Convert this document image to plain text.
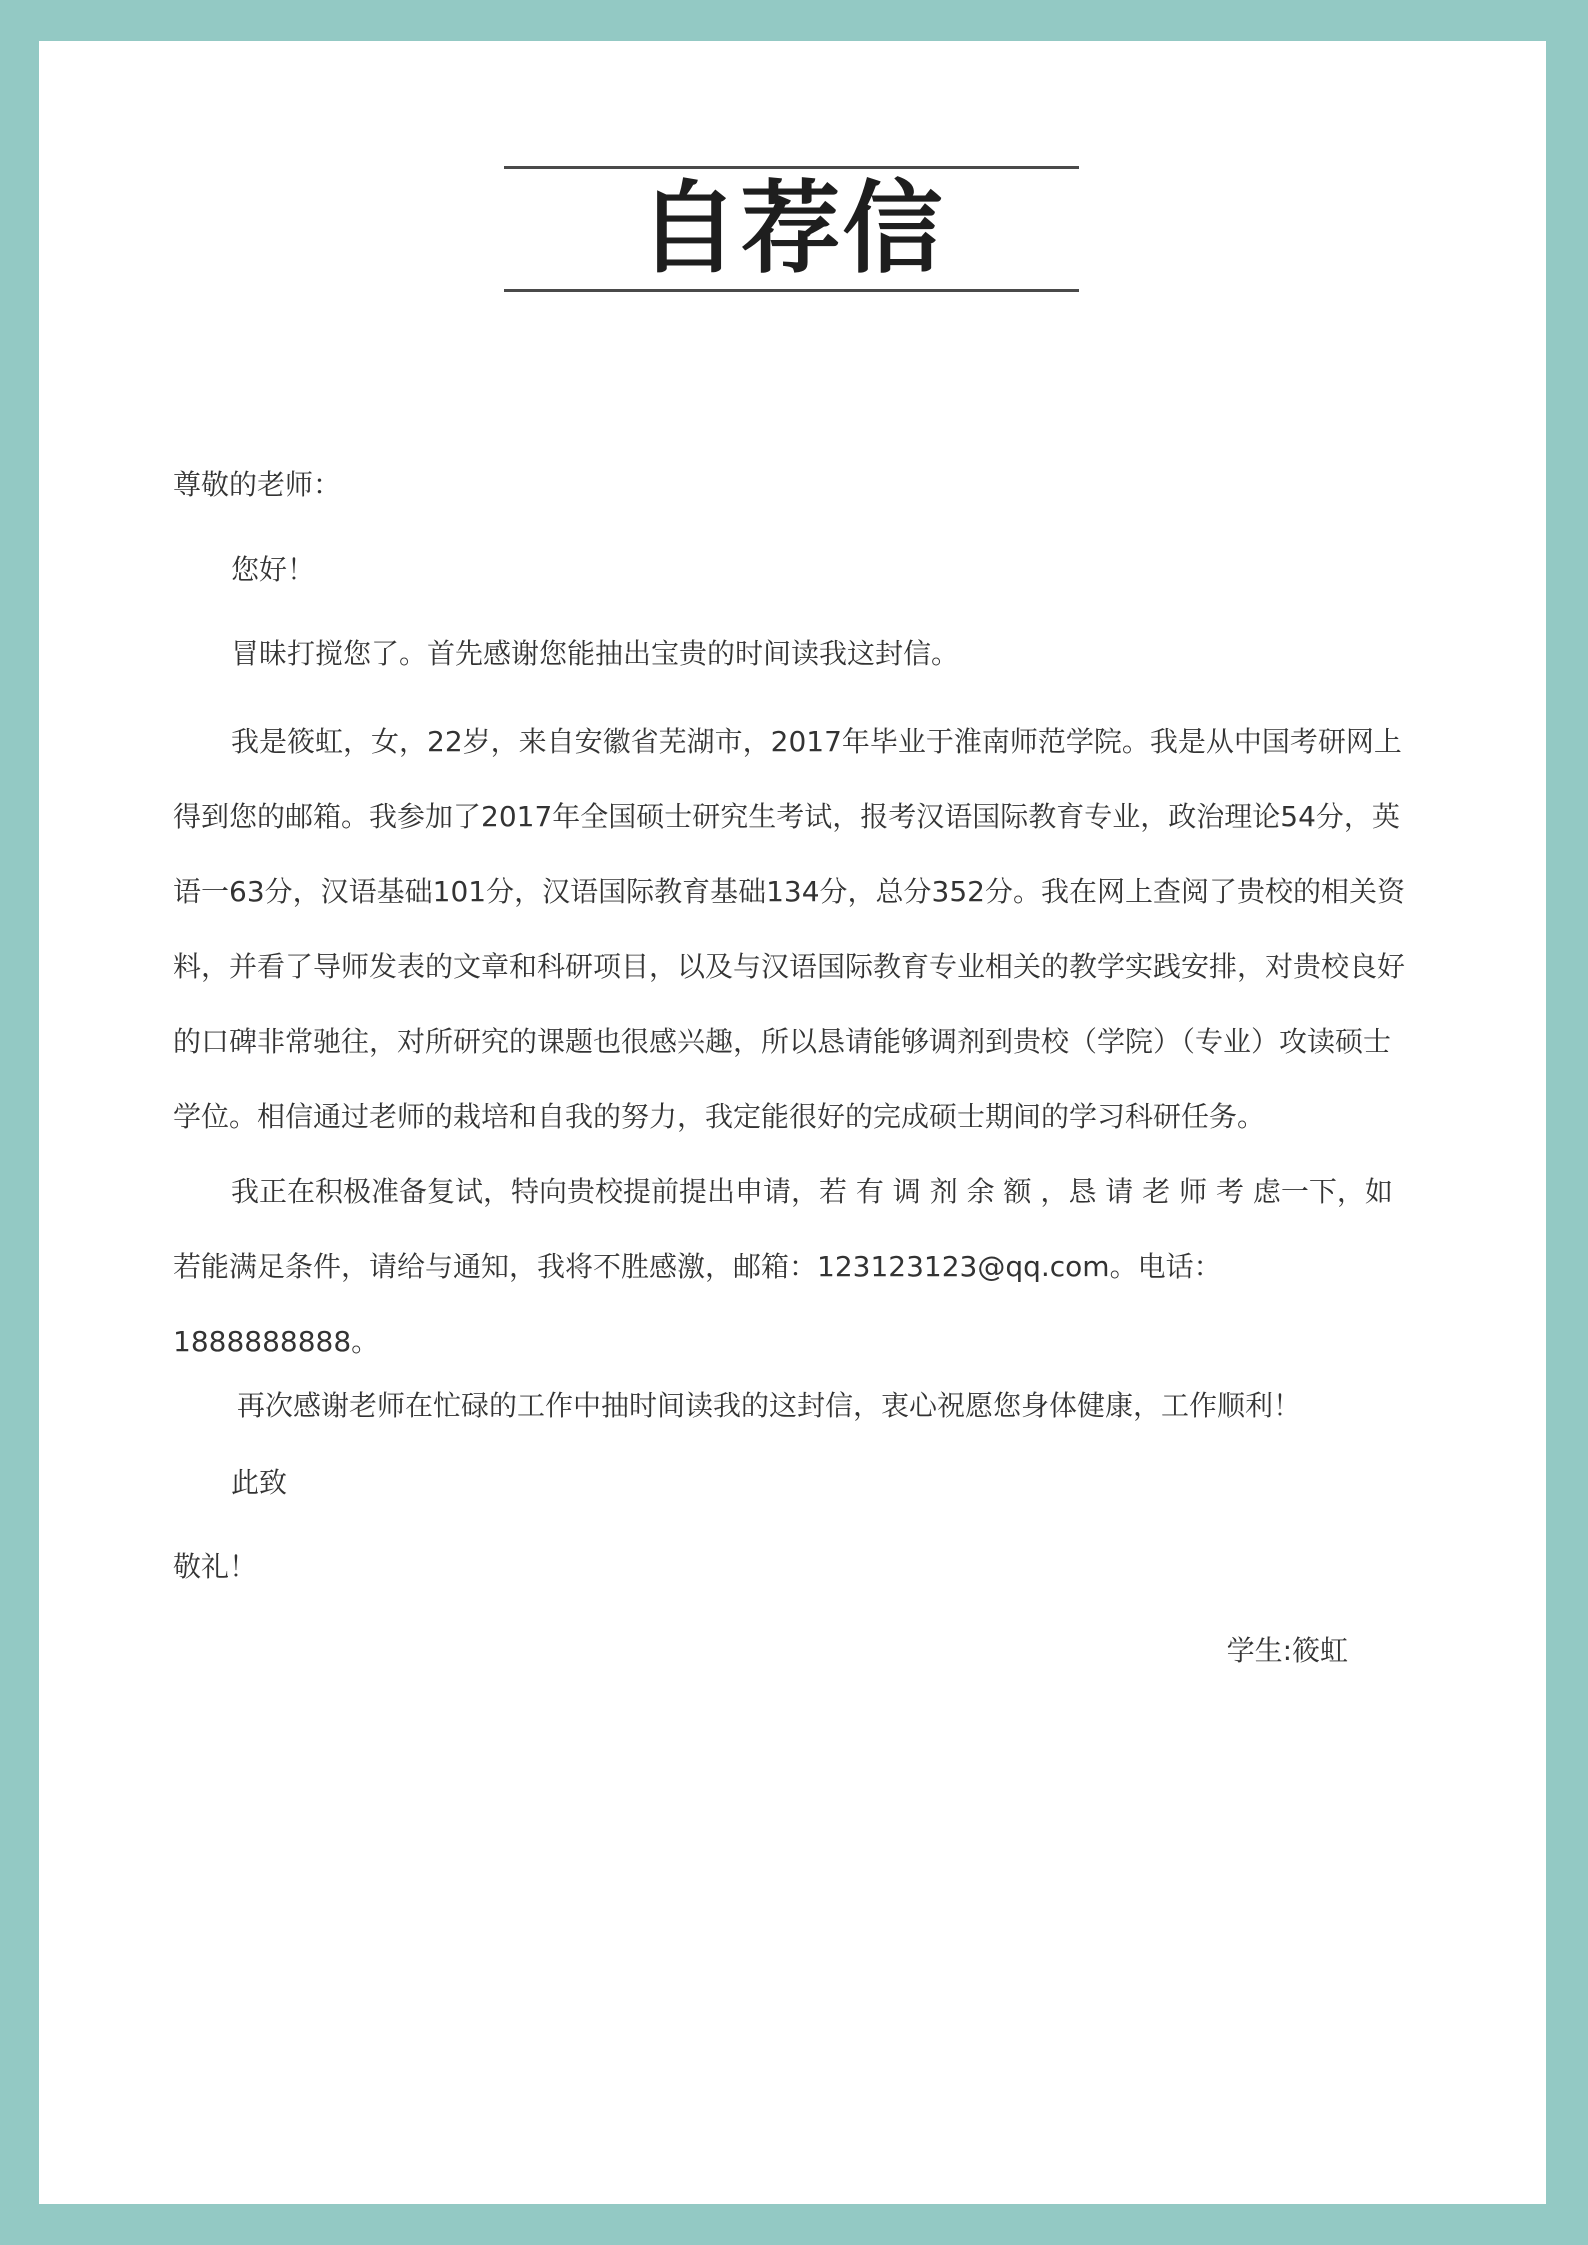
自荐信

尊敬的老师：

您好！

冒昧打搅您了。首先感谢您能抽出宝贵的时间读我这封信。

我是筱虹，女，22岁，来自安徽省芜湖市，2017年毕业于淮南师范学院。我是从中国考研网上得到您的邮箱。我参加了2017年全国硕士研究生考试，报考汉语国际教育专业，政治理论54分，英语一63分，汉语基础101分，汉语国际教育基础134分，总分352分。我在网上查阅了贵校的相关资料，并看了导师发表的文章和科研项目，以及与汉语国际教育专业相关的教学实践安排，对贵校良好的口碑非常驰往，对所研究的课题也很感兴趣，所以恳请能够调剂到贵校（学院）（专业）攻读硕士学位。相信通过老师的栽培和自我的努力，我定能很好的完成硕士期间的学习科研任务。

我正在积极准备复试，特向贵校提前提出申请，若 有 调 剂 余 额 ，恳 请 老 师 考 虑一下，如若能满足条件，请给与通知，我将不胜感激，邮箱：123123123@qq.com。电话：1888888888。

再次感谢老师在忙碌的工作中抽时间读我的这封信，衷心祝愿您身体健康，工作顺利！

此致

敬礼！

学生:筱虹
